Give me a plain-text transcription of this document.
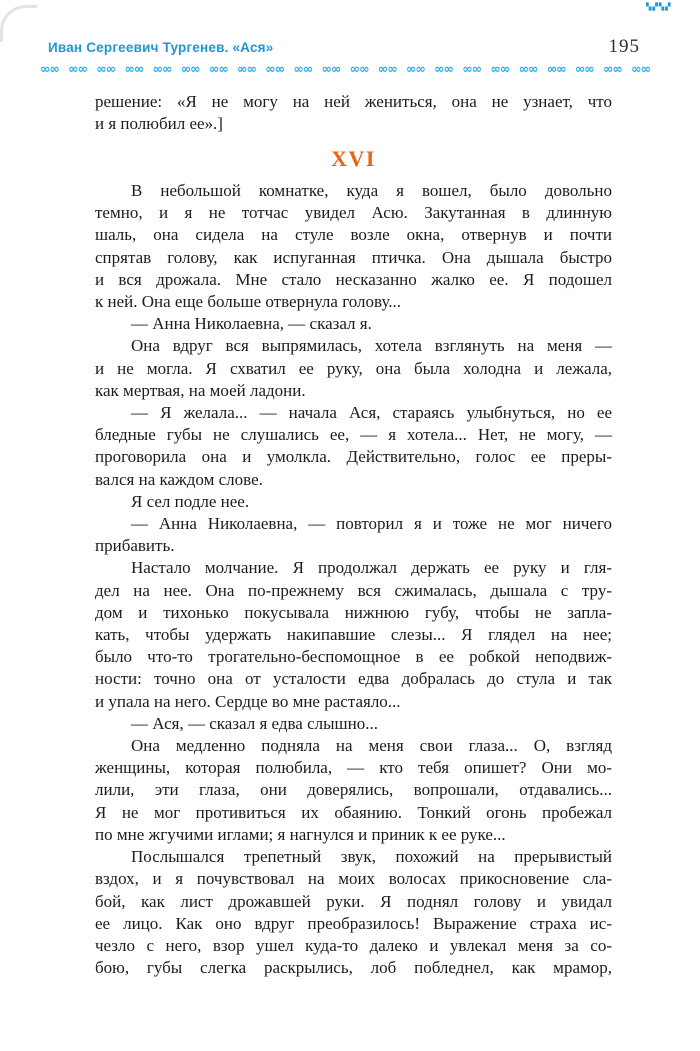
▚▞▚▞
Иван Сергеевич Тургенев. «Ася»	195
∞∞ ∞∞ ∞∞ ∞∞ ∞∞ ∞∞ ∞∞ ∞∞ ∞∞ ∞∞ ∞∞ ∞∞ ∞∞ ∞∞ ∞∞ ∞∞ ∞∞ ∞∞ ∞∞ ∞∞ ∞∞ ∞∞
решение: «Я не могу на ней жениться, она не узнает, что
и я полюбил ее».]
XVI
В небольшой комнатке, куда я вошел, было довольно
темно, и я не тотчас увидел Асю. Закутанная в длинную
шаль, она сидела на стуле возле окна, отвернув и почти
спрятав голову, как испуганная птичка. Она дышала быстро
и вся дрожала. Мне стало несказанно жалко ее. Я подошел
к ней. Она еще больше отвернула голову...
— Анна Николаевна, — сказал я.
Она вдруг вся выпрямилась, хотела взглянуть на меня —
и не могла. Я схватил ее руку, она была холодна и лежала,
как мертвая, на моей ладони.
— Я желала... — начала Ася, стараясь улыбнуться, но ее
бледные губы не слушались ее, — я хотела... Нет, не могу, —
проговорила она и умолкла. Действительно, голос ее преры-
вался на каждом слове.
Я сел подле нее.
— Анна Николаевна, — повторил я и тоже не мог ничего
прибавить.
Настало молчание. Я продолжал держать ее руку и гля-
дел на нее. Она по-прежнему вся сжималась, дышала с тру-
дом и тихонько покусывала нижнюю губу, чтобы не запла-
кать, чтобы удержать накипавшие слезы... Я глядел на нее;
было что-то трогательно-беспомощное в ее робкой неподвиж-
ности: точно она от усталости едва добралась до стула и так
и упала на него. Сердце во мне растаяло...
— Ася, — сказал я едва слышно...
Она медленно подняла на меня свои глаза... О, взгляд
женщины, которая полюбила, — кто тебя опишет? Они мо-
лили, эти глаза, они доверялись, вопрошали, отдавались...
Я не мог противиться их обаянию. Тонкий огонь пробежал
по мне жгучими иглами; я нагнулся и приник к ее руке...
Послышался трепетный звук, похожий на прерывистый
вздох, и я почувствовал на моих волосах прикосновение сла-
бой, как лист дрожавшей руки. Я поднял голову и увидал
ее лицо. Как оно вдруг преобразилось! Выражение страха ис-
чезло с него, взор ушел куда-то далеко и увлекал меня за со-
бою, губы слегка раскрылись, лоб побледнел, как мрамор,
